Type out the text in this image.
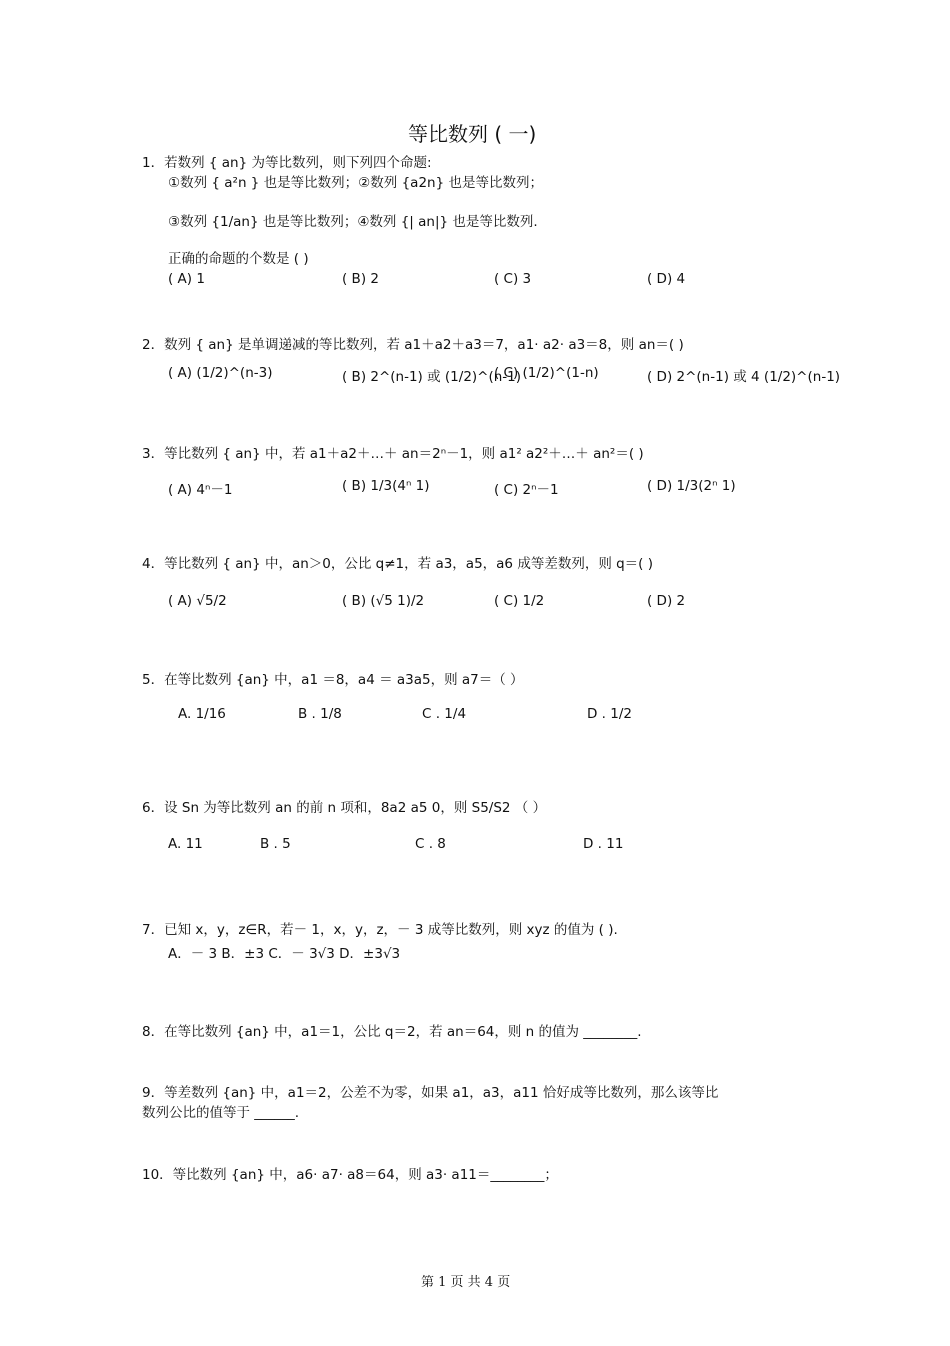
等比数列 ( 一)
1．若数列 { an} 为等比数列，则下列四个命题:
①数列 { a²n } 也是等比数列；②数列 {a2n} 也是等比数列；
③数列 {1/an} 也是等比数列；④数列 {| an|} 也是等比数列.
正确的命题的个数是 ( )
( A) 1	( B) 2	( C) 3	( D) 4
2．数列 { an} 是单调递减的等比数列，若 a1＋a2＋a3＝7，a1· a2· a3＝8，则 an＝( )
( A) (1/2)^(n-3)	( B) 2^(n-1) 或 (1/2)^(n-1)
( C) (1/2)^(1-n)	( D) 2^(n-1) 或 4 (1/2)^(n-1)
3．等比数列 { an} 中，若 a1＋a2＋…＋ an＝2ⁿ－1，则 a1² a2²＋…＋ an²＝( )
( A) 4ⁿ－1	( B) 1/3(4ⁿ 1)	( C) 2ⁿ－1	( D) 1/3(2ⁿ 1)
4．等比数列 { an} 中，an＞0，公比 q≠1，若 a3，a5，a6 成等差数列，则 q＝( )
( A) √5/2	( B) (√5 1)/2	( C) 1/2	( D) 2
5．在等比数列 {an} 中，a1 ＝8，a4 ＝ a3a5，则 a7＝（ ）
A. 1/16	B . 1/8	C . 1/4	D . 1/2
6．设 Sn 为等比数列 an 的前 n 项和，8a2 a5 0，则 S5/S2 （ ）
A. 11	B . 5	C . 8	D . 11
7．已知 x，y，z∈R，若－ 1，x，y，z，－ 3 成等比数列，则 xyz 的值为 ( ).
A．－ 3 B．±3 C．－ 3√3 D．±3√3
8．在等比数列 {an} 中，a1＝1，公比 q＝2，若 an＝64，则 n 的值为 ________.
9．等差数列 {an} 中，a1＝2，公差不为零，如果 a1，a3，a11 恰好成等比数列，那么该等比
数列公比的值等于 ______.
10．等比数列 {an} 中，a6· a7· a8＝64，则 a3· a11＝________；
第 1 页 共 4 页
